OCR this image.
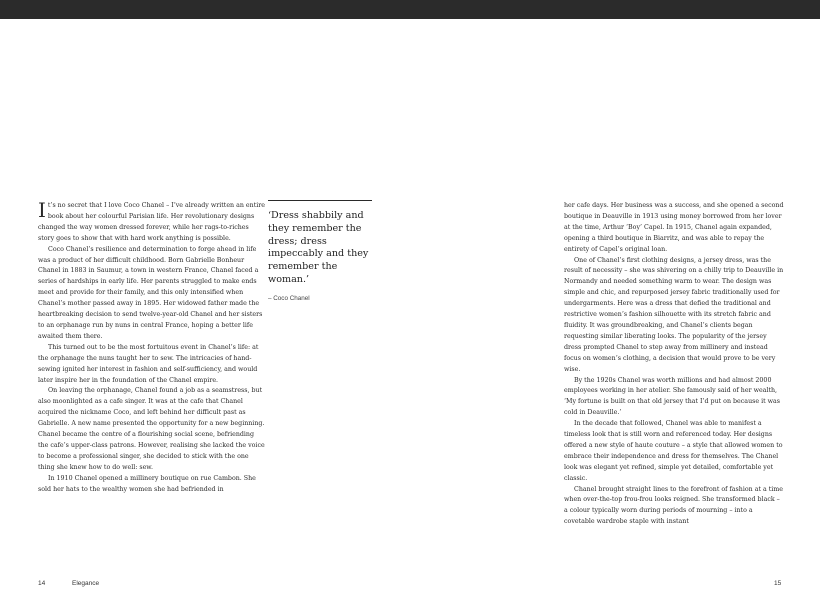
It’s no secret that I love Coco Chanel – I’ve already written an entire book about her colourful Parisian life. Her revolutionary designs changed the way women dressed forever, while her rags-to-riches story goes to show that with hard work anything is possible.

Coco Chanel’s resilience and determination to forge ahead in life was a product of her difficult childhood. Born Gabrielle Bonheur Chanel in 1883 in Saumur, a town in western France, Chanel faced a series of hardships in early life. Her parents struggled to make ends meet and provide for their family, and this only intensified when Chanel’s mother passed away in 1895. Her widowed father made the heartbreaking decision to send twelve-year-old Chanel and her sisters to an orphanage run by nuns in central France, hoping a better life awaited them there.

This turned out to be the most fortuitous event in Chanel’s life: at the orphanage the nuns taught her to sew. The intricacies of hand-sewing ignited her interest in fashion and self-sufficiency, and would later inspire her in the foundation of the Chanel empire.

On leaving the orphanage, Chanel found a job as a seamstress, but also moonlighted as a cafe singer. It was at the cafe that Chanel acquired the nickname Coco, and left behind her difficult past as Gabrielle. A new name presented the opportunity for a new beginning. Chanel became the centre of a flourishing social scene, befriending the cafe’s upper-class patrons. However, realising she lacked the voice to become a professional singer, she decided to stick with the one thing she knew how to do well: sew.

In 1910 Chanel opened a millinery boutique on rue Cambon. She sold her hats to the wealthy women she had befriended in

‘Dress shabbily and they remember the dress; dress impeccably and they remember the woman.’
– Coco Chanel

her cafe days. Her business was a success, and she opened a second boutique in Deauville in 1913 using money borrowed from her lover at the time, Arthur ‘Boy’ Capel. In 1915, Chanel again expanded, opening a third boutique in Biarritz, and was able to repay the entirety of Capel’s original loan.

One of Chanel’s first clothing designs, a jersey dress, was the result of necessity – she was shivering on a chilly trip to Deauville in Normandy and needed something warm to wear. The design was simple and chic, and repurposed jersey fabric traditionally used for undergarments. Here was a dress that defied the traditional and restrictive women’s fashion silhouette with its stretch fabric and fluidity. It was groundbreaking, and Chanel’s clients began requesting similar liberating looks. The popularity of the jersey dress prompted Chanel to step away from millinery and instead focus on women’s clothing, a decision that would prove to be very wise.

By the 1920s Chanel was worth millions and had almost 2000 employees working in her atelier. She famously said of her wealth, ‘My fortune is built on that old jersey that I’d put on because it was cold in Deauville.’

In the decade that followed, Chanel was able to manifest a timeless look that is still worn and referenced today. Her designs offered a new style of haute couture – a style that allowed women to embrace their independence and dress for themselves. The Chanel look was elegant yet refined, simple yet detailed, comfortable yet classic.

Chanel brought straight lines to the forefront of fashion at a time when over-the-top frou-frou looks reigned. She transformed black – a colour typically worn during periods of mourning – into a covetable wardrobe staple with instant

14	Elegance	15
